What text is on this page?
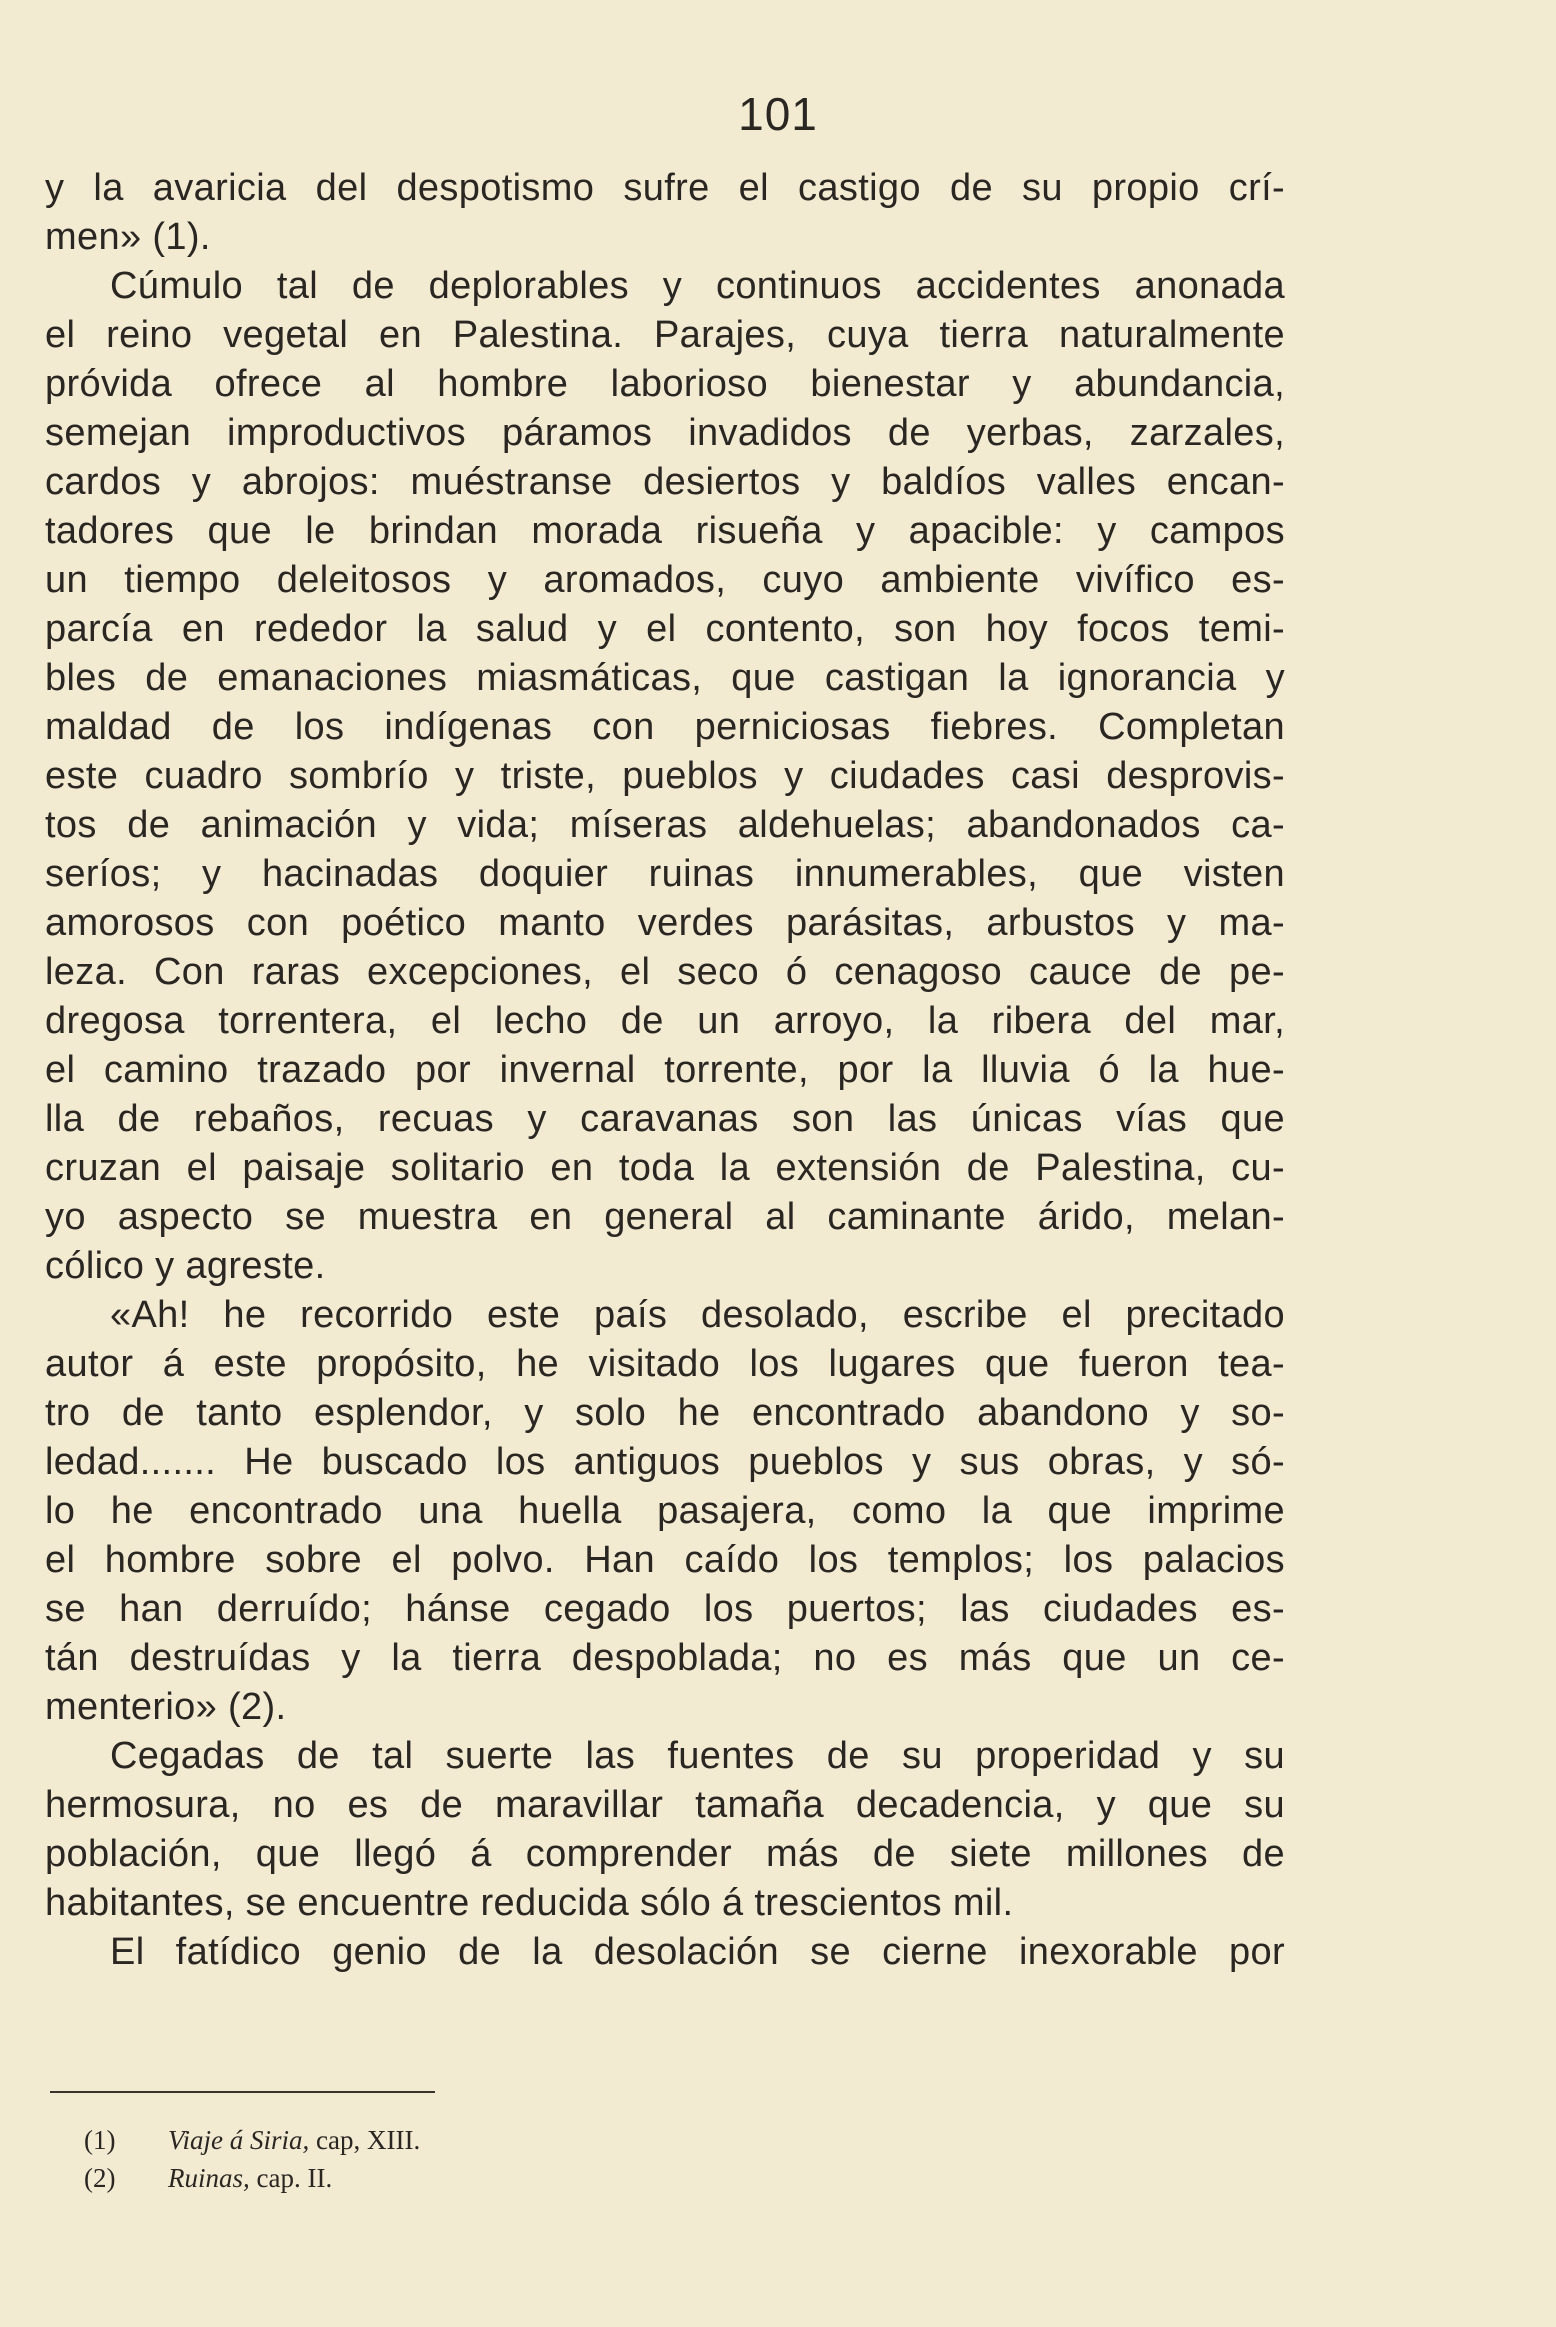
101
y la avaricia del despotismo sufre el castigo de su propio crí-
men» (1).
Cúmulo tal de deplorables y continuos accidentes anonada
el reino vegetal en Palestina. Parajes, cuya tierra naturalmente
próvida ofrece al hombre laborioso bienestar y abundancia,
semejan improductivos páramos invadidos de yerbas, zarzales,
cardos y abrojos: muéstranse desiertos y baldíos valles encan-
tadores que le brindan morada risueña y apacible: y campos
un tiempo deleitosos y aromados, cuyo ambiente vivífico es-
parcía en rededor la salud y el contento, son hoy focos temi-
bles de emanaciones miasmáticas, que castigan la ignorancia y
maldad de los indígenas con perniciosas fiebres. Completan
este cuadro sombrío y triste, pueblos y ciudades casi desprovis-
tos de animación y vida; míseras aldehuelas; abandonados ca-
seríos; y hacinadas doquier ruinas innumerables, que visten
amorosos con poético manto verdes parásitas, arbustos y ma-
leza. Con raras excepciones, el seco ó cenagoso cauce de pe-
dregosa torrentera, el lecho de un arroyo, la ribera del mar,
el camino trazado por invernal torrente, por la lluvia ó la hue-
lla de rebaños, recuas y caravanas son las únicas vías que
cruzan el paisaje solitario en toda la extensión de Palestina, cu-
yo aspecto se muestra en general al caminante árido, melan-
cólico y agreste.
«Ah! he recorrido este país desolado, escribe el precitado
autor á este propósito, he visitado los lugares que fueron tea-
tro de tanto esplendor, y solo he encontrado abandono y so-
ledad....... He buscado los antiguos pueblos y sus obras, y só-
lo he encontrado una huella pasajera, como la que imprime
el hombre sobre el polvo. Han caído los templos; los palacios
se han derruído; hánse cegado los puertos; las ciudades es-
tán destruídas y la tierra despoblada; no es más que un ce-
menterio» (2).
Cegadas de tal suerte las fuentes de su properidad y su
hermosura, no es de maravillar tamaña decadencia, y que su
población, que llegó á comprender más de siete millones de
habitantes, se encuentre reducida sólo á trescientos mil.
El fatídico genio de la desolación se cierne inexorable por
(1) Viaje á Siria, cap, XIII.
(2) Ruinas, cap. II.
